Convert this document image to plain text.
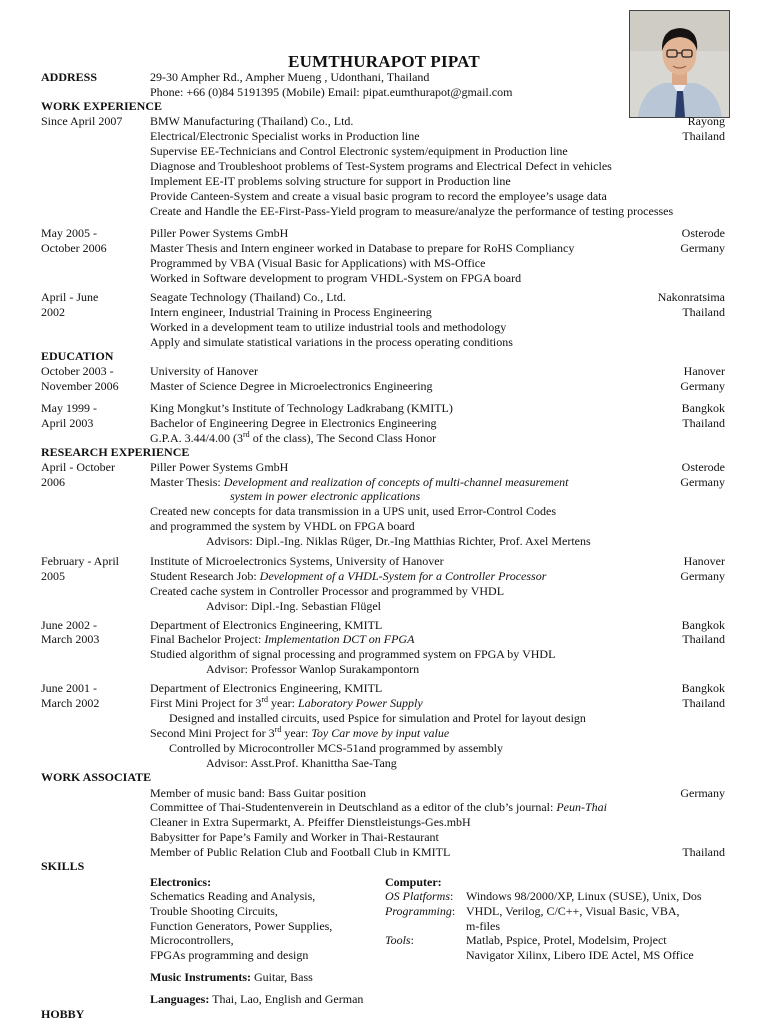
EUMTHURAPOT PIPAT
ADDRESS	29-30 Ampher Rd., Ampher Mueng , Udonthani, Thailand
Phone: +66 (0)84 5191395 (Mobile) Email: pipat.eumthurapot@gmail.com
WORK EXPERIENCE
Since April 2007 BMW Manufacturing (Thailand) Co., Ltd.
Electrical/Electronic Specialist works in Production line
Supervise EE-Technicians and Control Electronic system/equipment in Production line
Diagnose and Troubleshoot problems of Test-System programs and Electrical Defect in vehicles
Implement EE-IT problems solving structure for support in Production line
Provide Canteen-System and create a visual basic program to record the employee’s usage data
Create and Handle the EE-First-Pass-Yield program to measure/analyze the performance of testing processes
Rayong
Thailand
May 2005 -
October 2006
Piller Power Systems GmbH
Master Thesis and Intern engineer worked in Database to prepare for RoHS Compliancy
Programmed by VBA (Visual Basic for Applications) with MS-Office
Worked in Software development to program VHDL-System on FPGA board
Osterode
Germany
April - June
2002
Seagate Technology (Thailand) Co., Ltd.
Intern engineer, Industrial Training in Process Engineering
Worked in a development team to utilize industrial tools and methodology
Apply and simulate statistical variations in the process operating conditions
Nakonratsima
Thailand
EDUCATION
October 2003 -
November 2006
University of Hanover
Master of Science Degree in Microelectronics Engineering
Hanover
Germany
May 1999 -
April 2003
King Mongkut’s Institute of Technology Ladkrabang (KMITL)
Bachelor of Engineering Degree in Electronics Engineering
G.P.A. 3.44/4.00 (3rd of the class), The Second Class Honor
Bangkok
Thailand
RESEARCH EXPERIENCE
April - October
2006
Piller Power Systems GmbH
Master Thesis: Development and realization of concepts of multi-channel measurement
system in power electronic applications
Created new concepts for data transmission in a UPS unit, used Error-Control Codes
and programmed the system by VHDL on FPGA board
Advisors: Dipl.-Ing. Niklas Rüger, Dr.-Ing Matthias Richter, Prof. Axel Mertens
Osterode
Germany
February - April
2005
Institute of Microelectronics Systems, University of Hanover
Student Research Job: Development of a VHDL-System for a Controller Processor
Created cache system in Controller Processor and programmed by VHDL
Advisor: Dipl.-Ing. Sebastian Flügel
Hanover
Germany
June 2002 -
March 2003
Department of Electronics Engineering, KMITL
Final Bachelor Project: Implementation DCT on FPGA
Studied algorithm of signal processing and programmed system on FPGA by VHDL
Advisor: Professor Wanlop Surakampontorn
Bangkok
Thailand
June 2001 -
March 2002
Department of Electronics Engineering, KMITL
First Mini Project for 3rd year: Laboratory Power Supply
Designed and installed circuits, used Pspice for simulation and Protel for layout design
Second Mini Project for 3rd year: Toy Car move by input value
Controlled by Microcontroller MCS-51and programmed by assembly
Advisor: Asst.Prof. Khanittha Sae-Tang
Bangkok
Thailand
WORK ASSOCIATE
Member of music band: Bass Guitar position
Committee of Thai-Studentenverein in Deutschland as a editor of the club’s journal: Peun-Thai
Cleaner in Extra Supermarkt, A. Pfeiffer Dienstleistungs-Ges.mbH
Babysitter for Pape’s Family and Worker in Thai-Restaurant
Member of Public Relation Club and Football Club in KMITL
Germany
Thailand
SKILLS
Electronics:
Schematics Reading and Analysis,
Trouble Shooting Circuits,
Function Generators, Power Supplies,
Microcontrollers,
FPGAs programming and design
Computer:
OS Platforms: Windows 98/2000/XP, Linux (SUSE), Unix, Dos
Programming: VHDL, Verilog, C/C++, Visual Basic, VBA,
m-files
Tools:	Matlab, Pspice, Protel, Modelsim, Project
Navigator Xilinx, Libero IDE Actel, MS Office
Music Instruments: Guitar, Bass
Languages: Thai, Lao, English and German
HOBBY
